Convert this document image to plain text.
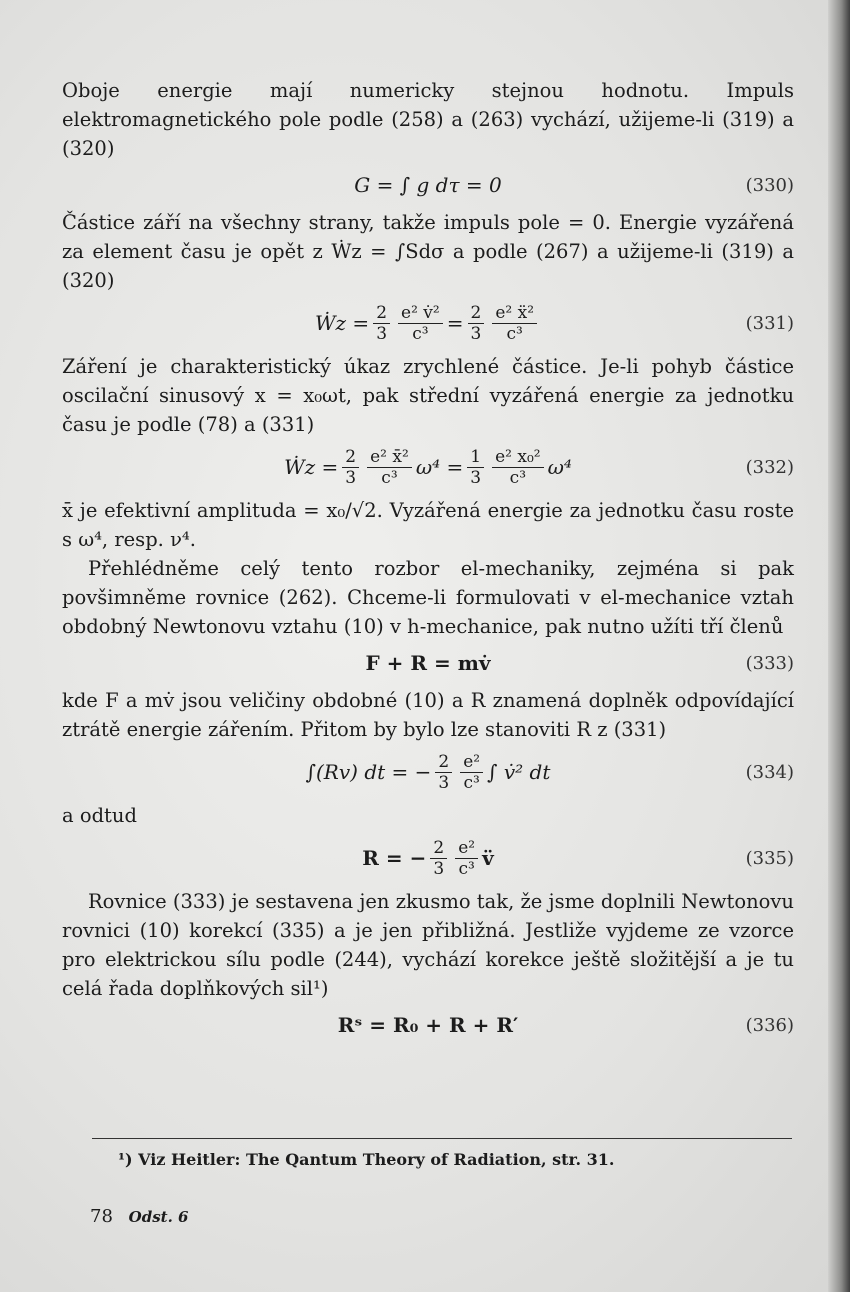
Oboje energie mají numericky stejnou hodnotu. Impuls elektromagnetického pole podle (258) a (263) vychází, užijeme-li (319) a (320)

G = ∫ g dτ = 0	(330)

Částice září na všechny strany, takže impuls pole = 0. Energie vyzářená za element času je opět z Ẇz = ∫Sdσ a podle (267) a užijeme-li (319) a (320)

Ẇz = $\frac{2}{3} \frac{\text{e² v̇²}}{\text{c³}} = \frac{2}{3} \frac{\text{e² ẍ²}}{\text{c³}}$	(331)

Záření je charakteristický úkaz zrychlené částice. Je-li pohyb částice oscilační sinusový x = x₀ωt, pak střední vyzářená energie za jednotku času je podle (78) a (331)

Ẇz = $\frac{2}{3} \frac{\text{e² x̄²}}{\text{c³}} \omega^4 = \frac{1}{3} \frac{\text{e² x₀²}}{\text{c³}} \omega^4$	(332)

x̄ je efektivní amplituda = x₀/√2. Vyzářená energie za jednotku času roste s ω⁴, resp. ν⁴.

Přehlédněme celý tento rozbor el-mechaniky, zejména si pak povšimněme rovnice (262). Chceme-li formulovati v el-mechanice vztah obdobný Newtonovu vztahu (10) v h-mechanice, pak nutno užíti tří členů

F + R = mv̇	(333)

kde F a mv̇ jsou veličiny obdobné (10) a R znamená doplněk odpovídající ztrátě energie zářením. Přitom by bylo lze stanoviti R z (331)

∫(Rv) dt = − $\frac{2}{3} \frac{\text{e²}}{\text{c³}}$ ∫ v̇² dt	(334)

a odtud

R = − $\frac{2}{3} \frac{\text{e²}}{\text{c³}}$ v̈	(335)

Rovnice (333) je sestavena jen zkusmo tak, že jsme doplnili Newtonovu rovnici (10) korekcí (335) a je jen přibližná. Jestliže vyjdeme ze vzorce pro elektrickou sílu podle (244), vychází korekce ještě složitější a je tu celá řada doplňkových sil¹)

Rˢ = R₀ + R + R′	(336)
¹) Viz Heitler: The Qantum Theory of Radiation, str. 31.
78 Odst. 6
